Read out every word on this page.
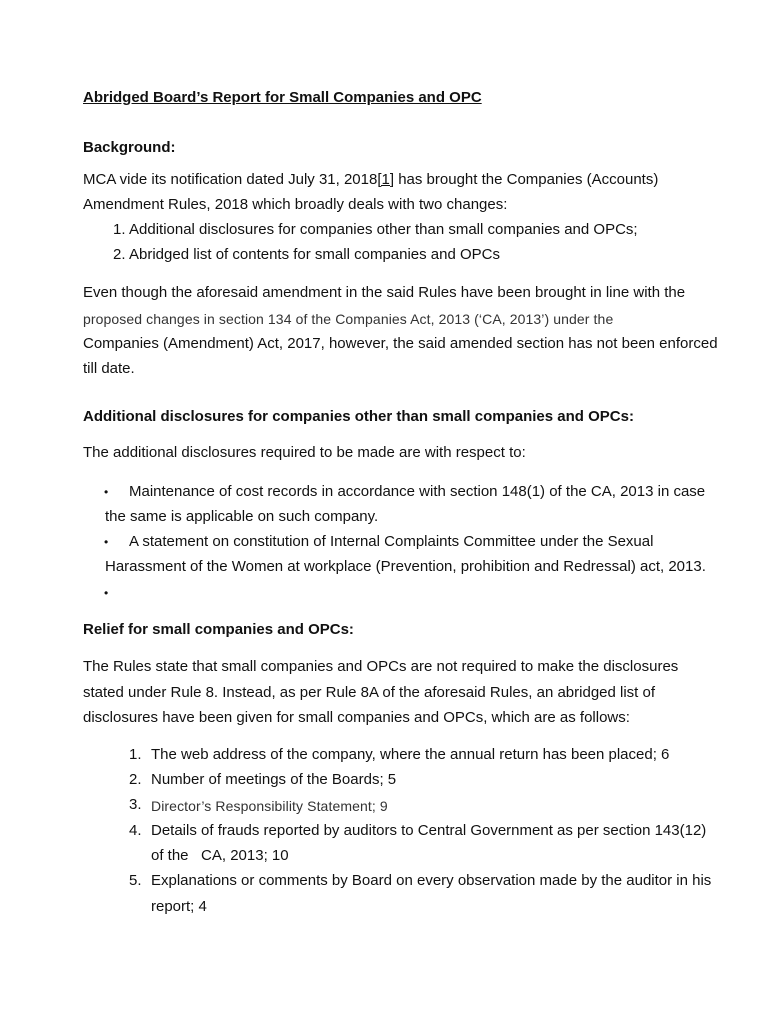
Abridged Board’s Report for Small Companies and OPC
Background:
MCA vide its notification dated July 31, 2018[1] has brought the Companies (Accounts)
Amendment Rules, 2018 which broadly deals with two changes:
1. Additional disclosures for companies other than small companies and OPCs;
2. Abridged list of contents for small companies and OPCs
Even though the aforesaid amendment in the said Rules have been brought in line with the
proposed changes in section 134 of the Companies Act, 2013 (‘CA, 2013’) under the
Companies (Amendment) Act, 2017, however, the said amended section has not been enforced
till date.
Additional disclosures for companies other than small companies and OPCs:
The additional disclosures required to be made are with respect to:
• Maintenance of cost records in accordance with section 148(1) of the CA, 2013 in case
the same is applicable on such company.
• A statement on constitution of Internal Complaints Committee under the Sexual
Harassment of the Women at workplace (Prevention, prohibition and Redressal) act, 2013.
•
Relief for small companies and OPCs:
The Rules state that small companies and OPCs are not required to make the disclosures
stated under Rule 8. Instead, as per Rule 8A of the aforesaid Rules, an abridged list of
disclosures have been given for small companies and OPCs, which are as follows:
1. The web address of the company, where the annual return has been placed; 6
2. Number of meetings of the Boards; 5
3. Director’s Responsibility Statement; 9
4. Details of frauds reported by auditors to Central Government as per section 143(12)
of the   CA, 2013; 10
5. Explanations or comments by Board on every observation made by the auditor in his
report; 4
